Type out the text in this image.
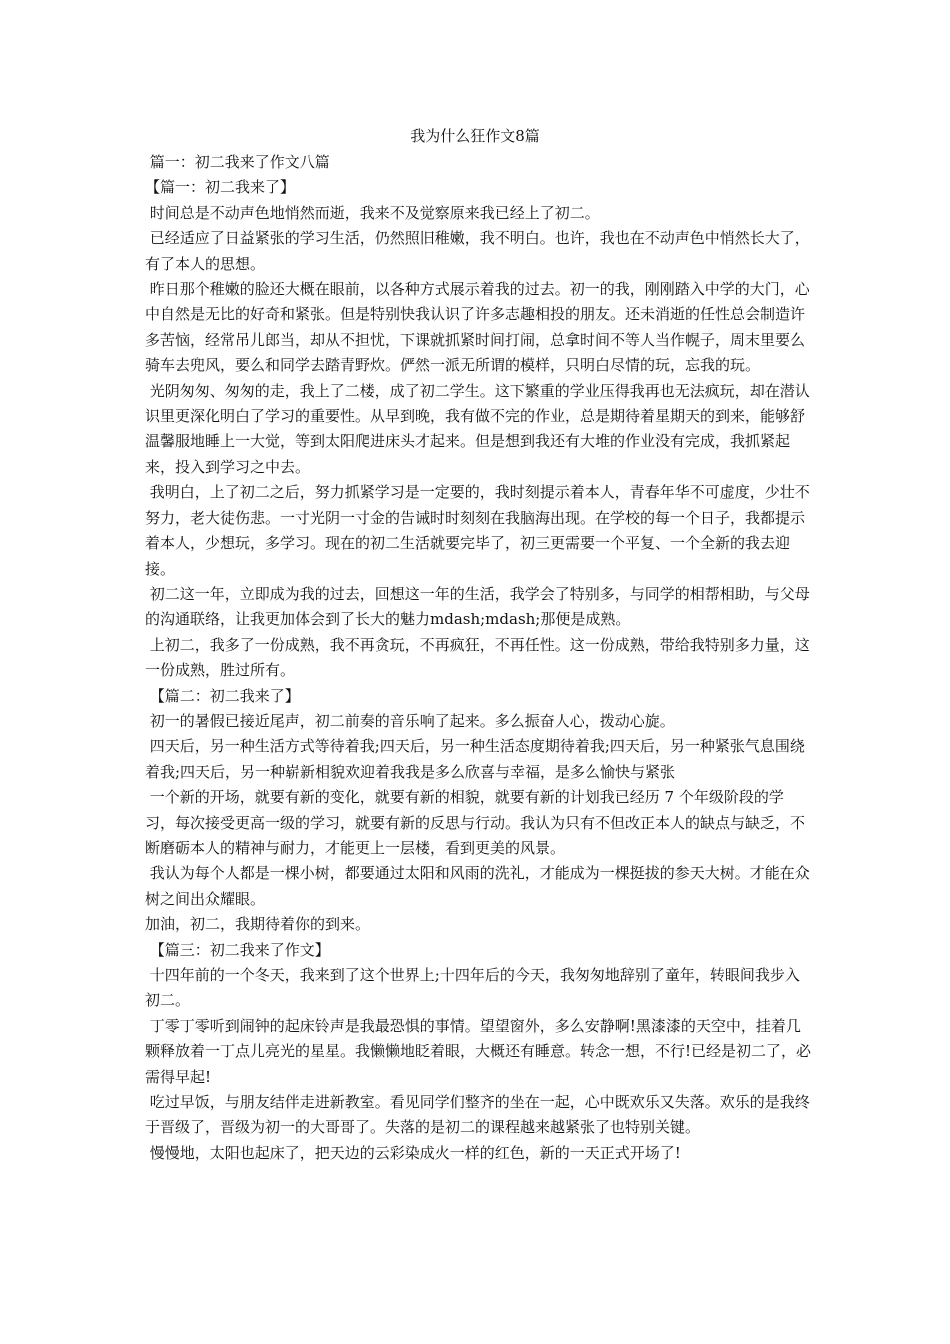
我为什么狂作文8篇

篇一：初二我来了作文八篇

【篇一：初二我来了】

时间总是不动声色地悄然而逝，我来不及觉察原来我已经上了初二。

已经适应了日益紧张的学习生活，仍然照旧稚嫩，我不明白。也许，我也在不动声色中悄然长大了，有了本人的思想。

昨日那个稚嫩的脸还大概在眼前，以各种方式展示着我的过去。初一的我，刚刚踏入中学的大门，心中自然是无比的好奇和紧张。但是特别快我认识了许多志趣相投的朋友。还未消逝的任性总会制造许多苦恼，经常吊儿郎当，却从不担忧，下课就抓紧时间打闹，总拿时间不等人当作幌子，周末里要么骑车去兜风，要么和同学去踏青野炊。俨然一派无所谓的模样，只明白尽情的玩，忘我的玩。

光阴匆匆、匆匆的走，我上了二楼，成了初二学生。这下繁重的学业压得我再也无法疯玩，却在潜认识里更深化明白了学习的重要性。从早到晚，我有做不完的作业，总是期待着星期天的到来，能够舒温馨服地睡上一大觉，等到太阳爬进床头才起来。但是想到我还有大堆的作业没有完成，我抓紧起来，投入到学习之中去。

我明白，上了初二之后，努力抓紧学习是一定要的，我时刻提示着本人，青春年华不可虚度，少壮不努力，老大徒伤悲。一寸光阴一寸金的告诫时时刻刻在我脑海出现。在学校的每一个日子，我都提示着本人，少想玩，多学习。现在的初二生活就要完毕了，初三更需要一个平复、一个全新的我去迎接。

初二这一年，立即成为我的过去，回想这一年的生活，我学会了特别多，与同学的相帮相助，与父母的沟通联络，让我更加体会到了长大的魅力mdash;mdash;那便是成熟。

上初二，我多了一份成熟，我不再贪玩，不再疯狂，不再任性。这一份成熟，带给我特别多力量，这一份成熟，胜过所有。

【篇二：初二我来了】

初一的暑假已接近尾声，初二前奏的音乐响了起来。多么振奋人心，拨动心旋。

四天后，另一种生活方式等待着我;四天后，另一种生活态度期待着我;四天后，另一种紧张气息围绕着我;四天后，另一种崭新相貌欢迎着我我是多么欣喜与幸福，是多么愉快与紧张

一个新的开场，就要有新的变化，就要有新的相貌，就要有新的计划我已经历 7 个年级阶段的学习，每次接受更高一级的学习，就要有新的反思与行动。我认为只有不但改正本人的缺点与缺乏，不断磨砺本人的精神与耐力，才能更上一层楼，看到更美的风景。

我认为每个人都是一棵小树，都要通过太阳和风雨的洗礼，才能成为一棵挺拔的参天大树。才能在众树之间出众耀眼。

加油，初二，我期待着你的到来。

【篇三：初二我来了作文】

十四年前的一个冬天，我来到了这个世界上;十四年后的今天，我匆匆地辞别了童年，转眼间我步入初二。

丁零丁零听到闹钟的起床铃声是我最恐惧的事情。望望窗外，多么安静啊!黑漆漆的天空中，挂着几颗释放着一丁点儿亮光的星星。我懒懒地眨着眼，大概还有睡意。转念一想，不行!已经是初二了，必需得早起!

吃过早饭，与朋友结伴走进新教室。看见同学们整齐的坐在一起，心中既欢乐又失落。欢乐的是我终于晋级了，晋级为初一的大哥哥了。失落的是初二的课程越来越紧张了也特别关键。

慢慢地，太阳也起床了，把天边的云彩染成火一样的红色，新的一天正式开场了!
